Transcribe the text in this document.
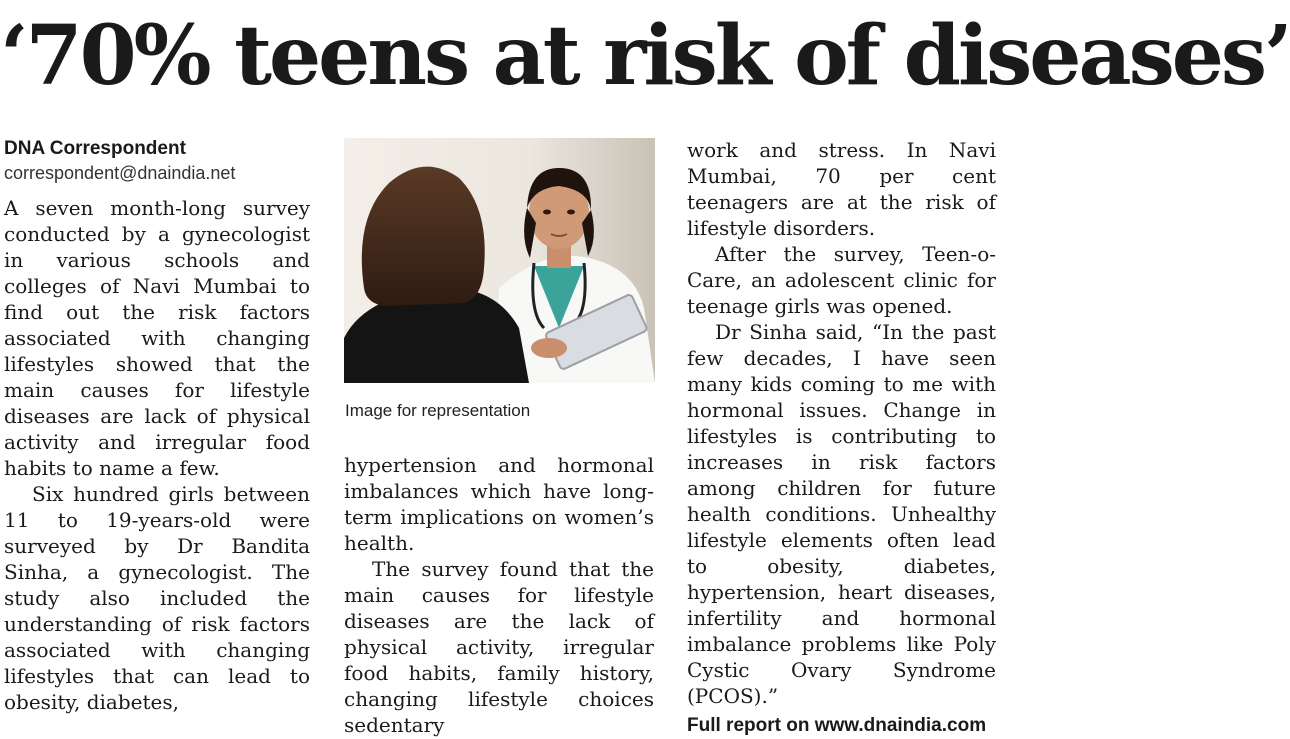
‘70% teens at risk of diseases’
DNA Correspondent
correspondent@dnaindia.net

A seven month-long survey conducted by a gynecologist in various schools and colleges of Navi Mumbai to find out the risk factors associated with changing lifestyles showed that the main causes for lifestyle diseases are lack of physical activity and irregular food habits to name a few.

Six hundred girls between 11 to 19-years-old were surveyed by Dr Bandita Sinha, a gynecologist. The study also included the understanding of risk factors associated with changing lifestyles that can lead to obesity, diabetes,

Image for representation

hypertension and hormonal imbalances which have long-term implications on women’s health.

The survey found that the main causes for lifestyle diseases are the lack of physical activity, irregular food habits, family history, changing lifestyle choices sedentary

work and stress. In Navi Mumbai, 70 per cent teenagers are at the risk of lifestyle disorders.

After the survey, Teen-o-Care, an adolescent clinic for teenage girls was opened.

Dr Sinha said, “In the past few decades, I have seen many kids coming to me with hormonal issues. Change in lifestyles is contributing to increases in risk factors among children for future health conditions. Unhealthy lifestyle elements often lead to obesity, diabetes, hypertension, heart diseases, infertility and hormonal imbalance problems like Poly Cystic Ovary Syndrome (PCOS).”

Full report on www.dnaindia.com
